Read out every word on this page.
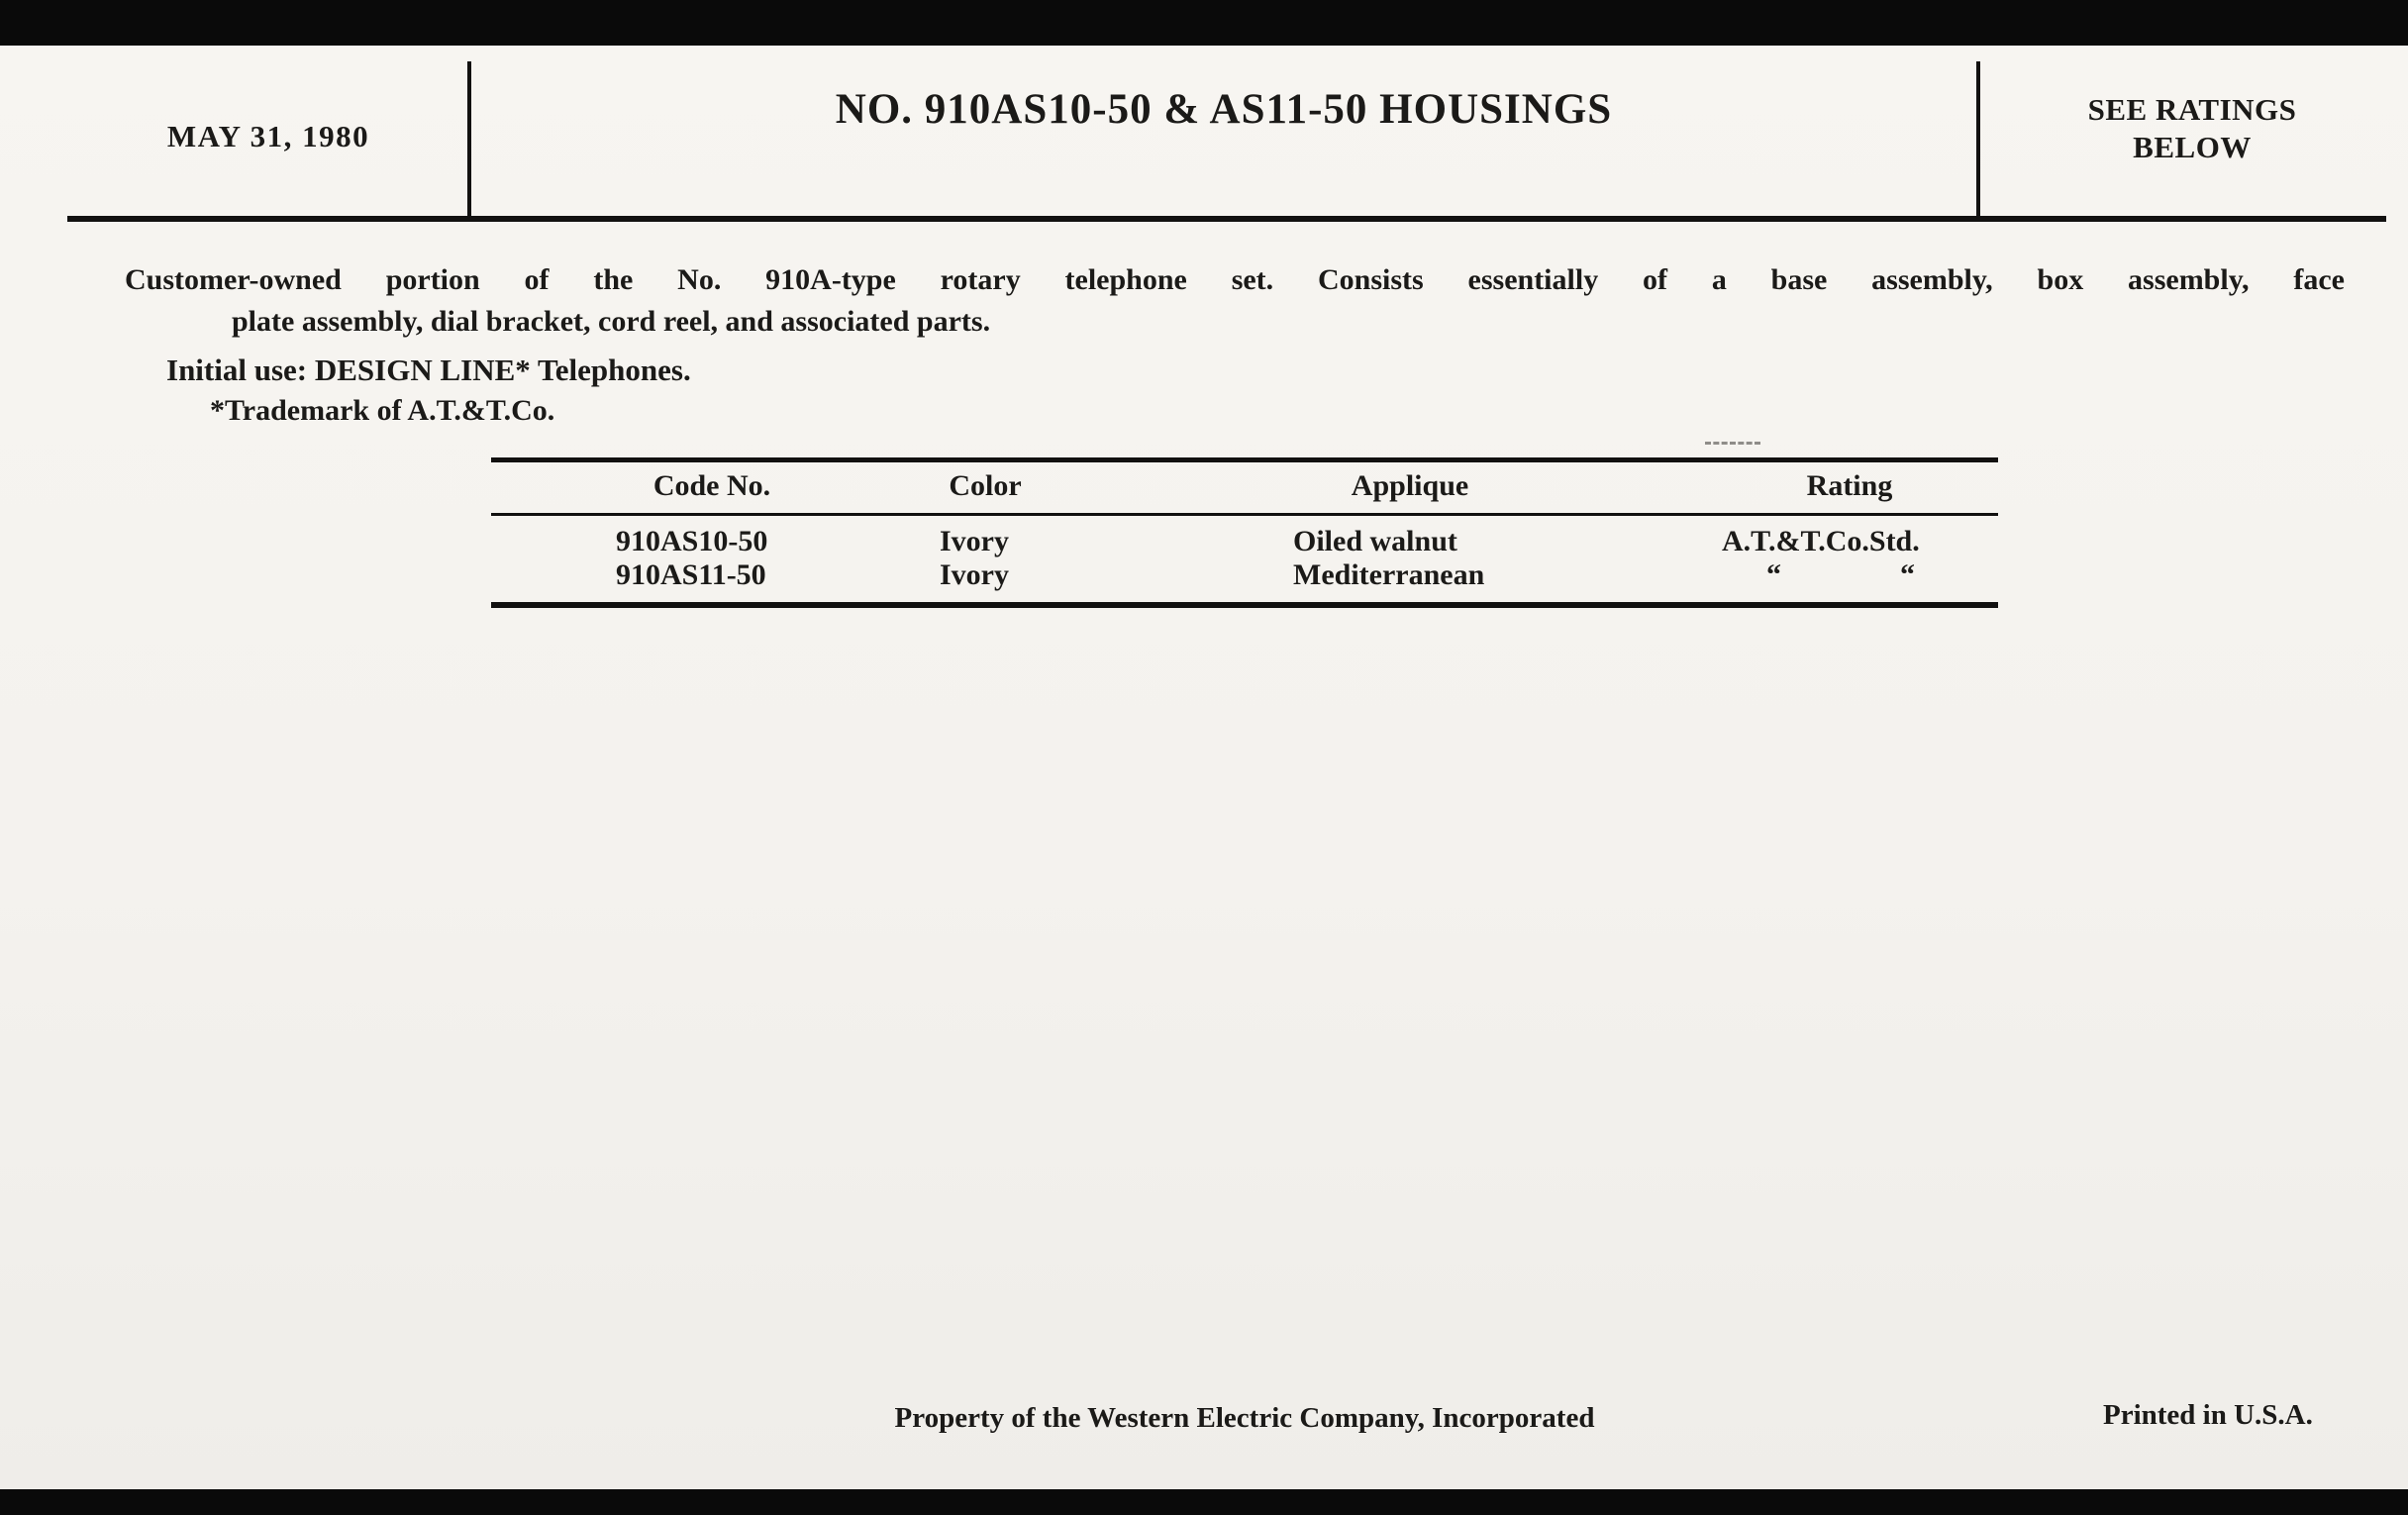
MAY 31, 1980
NO. 910AS10-50 & AS11-50 HOUSINGS	SEE RATINGS
BELOW
Customer-owned portion of the No. 910A-type rotary telephone set. Consists essentially of a base assembly, box assembly, face
plate assembly, dial bracket, cord reel, and associated parts.
Initial use: DESIGN LINE* Telephones.
*Trademark of A.T.&T.Co.
Code No.	Color	Applique	Rating
910AS10-50	Ivory	Oiled walnut	A.T.&T.Co.Std.
910AS11-50	Ivory	Mediterranean	“    “
Property of the Western Electric Company, Incorporated	Printed in U.S.A.
